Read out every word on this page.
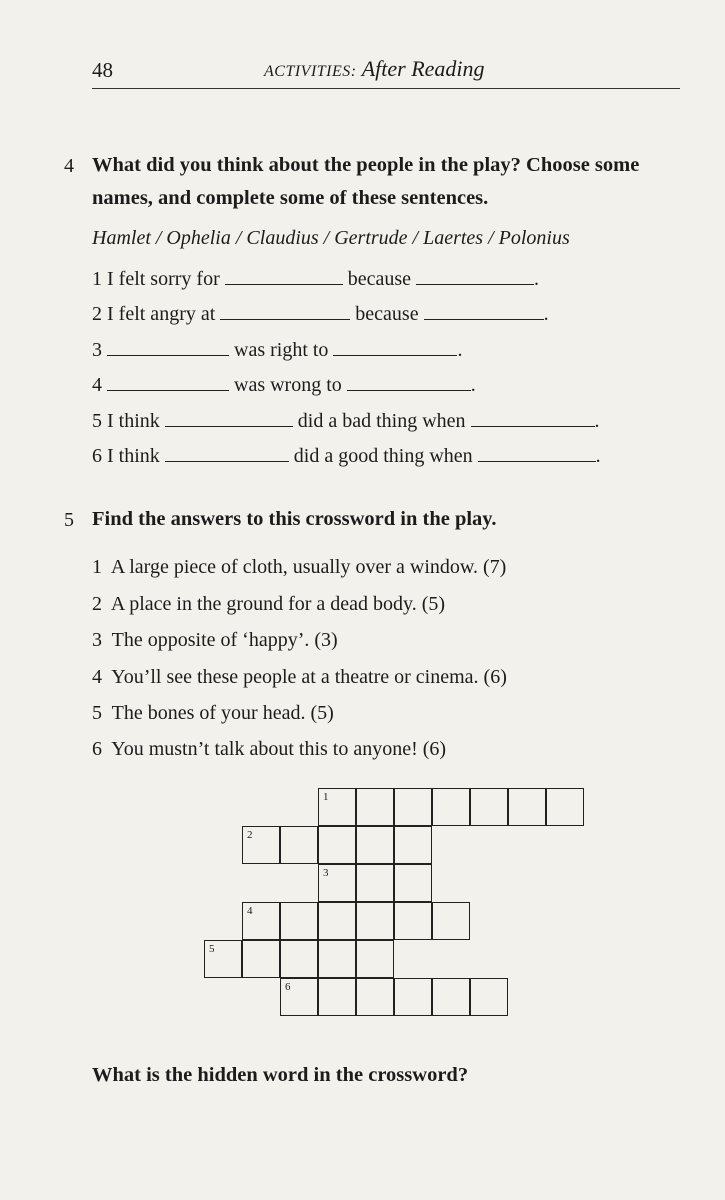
48	ACTIVITIES: After Reading
4 What did you think about the people in the play? Choose some names, and complete some of these sentences.
Hamlet / Ophelia / Claudius / Gertrude / Laertes / Polonius
1 I felt sorry for	because	.
2 I felt angry at	because	.
3	was right to	.
4	was wrong to	.
5 I think	did a bad thing when	.
6 I think	did a good thing when	.
5 Find the answers to this crossword in the play.
1 A large piece of cloth, usually over a window. (7)
2 A place in the ground for a dead body. (5)
3 The opposite of ‘happy’. (3)
4 You’ll see these people at a theatre or cinema. (6)
5 The bones of your head. (5)
6 You mustn’t talk about this to anyone! (6)
1
2
3
4
5
6
What is the hidden word in the crossword?
